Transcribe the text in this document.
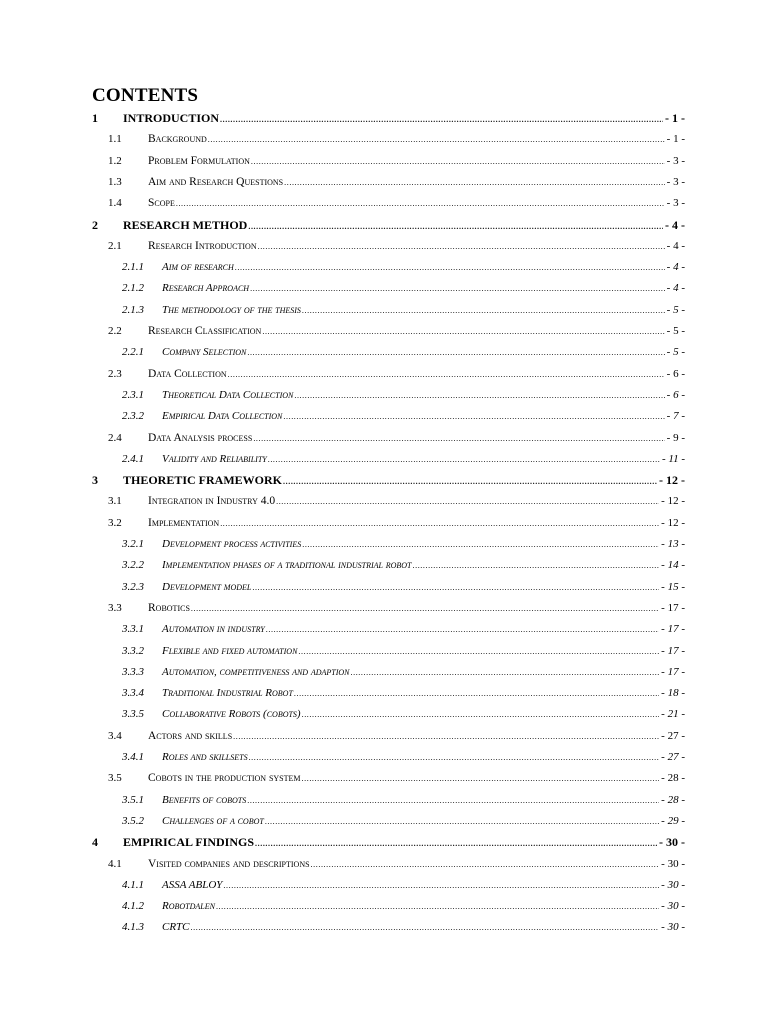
CONTENTS
1 INTRODUCTION .....	- 1 -
1.1 Background .....	- 1 -
1.2 Problem Formulation .....	- 3 -
1.3 Aim and Research Questions .....	- 3 -
1.4 Scope .....	- 3 -
2 RESEARCH METHOD .....	- 4 -
2.1 Research Introduction .....	- 4 -
2.1.1 Aim of research .....	- 4 -
2.1.2 Research Approach .....	- 4 -
2.1.3 The methodology of the thesis .....	- 5 -
2.2 Research Classification .....	- 5 -
2.2.1 Company Selection .....	- 5 -
2.3 Data Collection .....	- 6 -
2.3.1 Theoretical Data Collection .....	- 6 -
2.3.2 Empirical Data Collection .....	- 7 -
2.4 Data Analysis process .....	- 9 -
2.4.1 Validity and Reliability .....	- 11 -
3 THEORETIC FRAMEWORK .....	- 12 -
3.1 Integration in Industry 4.0 .....	- 12 -
3.2 Implementation .....	- 12 -
3.2.1 Development process activities .....	- 13 -
3.2.2 Implementation phases of a traditional industrial robot .....	- 14 -
3.2.3 Development model .....	- 15 -
3.3 Robotics .....	- 17 -
3.3.1 Automation in industry .....	- 17 -
3.3.2 Flexible and fixed automation .....	- 17 -
3.3.3 Automation, competitiveness and adaption .....	- 17 -
3.3.4 Traditional Industrial Robot .....	- 18 -
3.3.5 Collaborative Robots (cobots) .....	- 21 -
3.4 Actors and skills .....	- 27 -
3.4.1 Roles and skillsets .....	- 27 -
3.5 Cobots in the production system .....	- 28 -
3.5.1 Benefits of cobots .....	- 28 -
3.5.2 Challenges of a cobot .....	- 29 -
4 EMPIRICAL FINDINGS .....	- 30 -
4.1 Visited companies and descriptions .....	- 30 -
4.1.1 ASSA ABLOY .....	- 30 -
4.1.2 Robotdalen .....	- 30 -
4.1.3 CRTC .....	- 30 -
